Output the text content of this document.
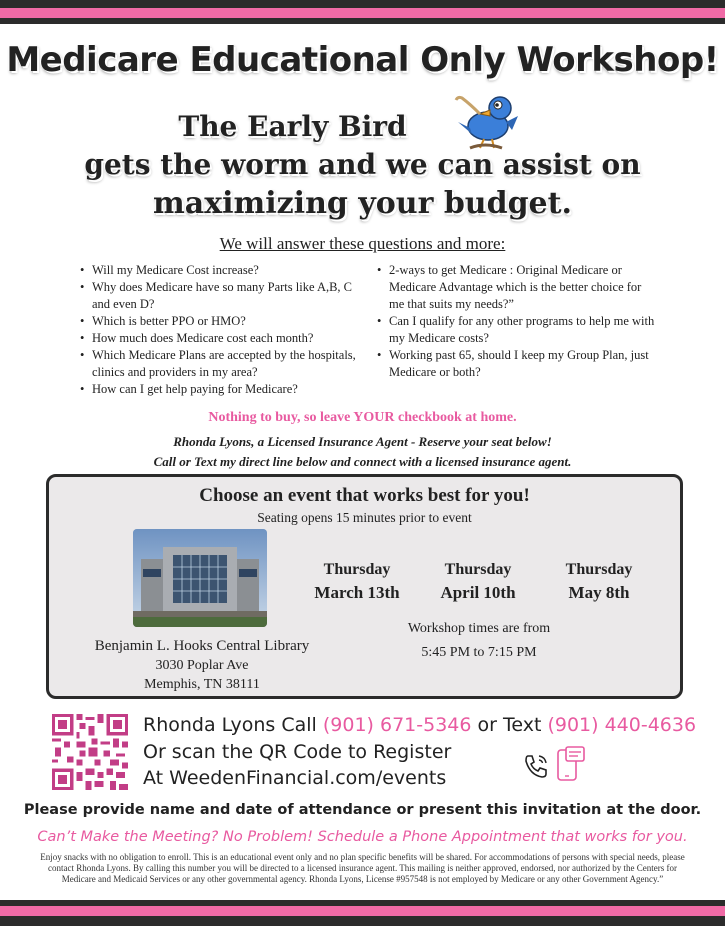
Medicare Educational Only Workshop!
The Early Bird
gets the worm and we can assist on
maximizing your budget.
We will answer these questions and more:
• Will my Medicare Cost increase?
• Why does Medicare have so many Parts like A,B, C and even D?
• Which is better PPO or HMO?
• How much does Medicare cost each month?
• Which Medicare Plans are accepted by the hospitals, clinics and providers in my area?
• How can I get help paying for Medicare?
• 2-ways to get Medicare : Original Medicare or Medicare Advantage which is the better choice for me that suits my needs?”
• Can I qualify for any other programs to help me with my Medicare costs?
• Working past 65, should I keep my Group Plan, just Medicare or both?
Nothing to buy, so leave YOUR checkbook at home.
Rhonda Lyons, a Licensed Insurance Agent - Reserve your seat below!
Call or Text my direct line below and connect with a licensed insurance agent.
Choose an event that works best for you!
Seating opens 15 minutes prior to event
Benjamin L. Hooks Central Library
3030 Poplar Ave
Memphis, TN 38111
Thursday
March 13th
Thursday
April 10th
Thursday
May 8th
Workshop times are from
5:45 PM to 7:15 PM
Rhonda Lyons Call (901) 671-5346 or Text (901) 440-4636
Or scan the QR Code to Register
At WeedenFinancial.com/events
Please provide name and date of attendance or present this invitation at the door.
Can’t Make the Meeting? No Problem! Schedule a Phone Appointment that works for you.
Enjoy snacks with no obligation to enroll. This is an educational event only and no plan specific benefits will be shared. For accommodations of persons with special needs, please contact Rhonda Lyons. By calling this number you will be directed to a licensed insurance agent. This mailing is neither approved, endorsed, nor authorized by the Centers for Medicare and Medicaid Services or any other governmental agency. Rhonda Lyons, License #957548 is not employed by Medicare or any other Government Agency.”
